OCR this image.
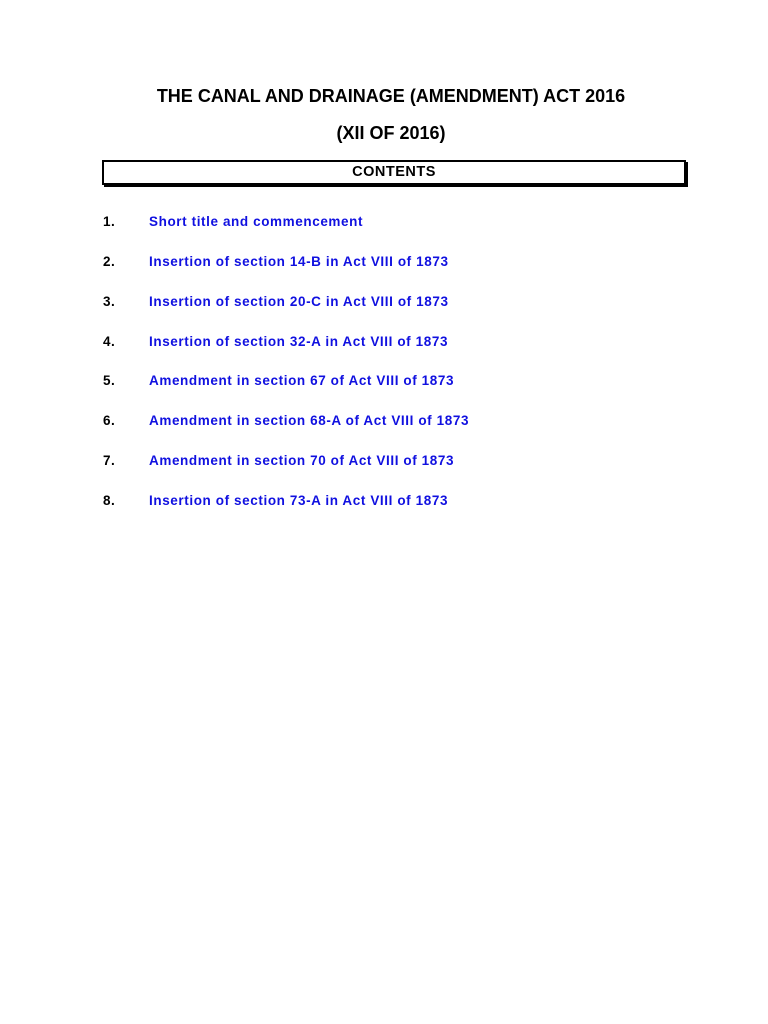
THE CANAL AND DRAINAGE (AMENDMENT) ACT 2016
(XII OF 2016)
CONTENTS
1. Short title and commencement
2. Insertion of section 14-B in Act VIII of 1873
3. Insertion of section 20-C in Act VIII of 1873
4. Insertion of section 32-A in Act VIII of 1873
5. Amendment in section 67 of Act VIII of 1873
6. Amendment in section 68-A of Act VIII of 1873
7. Amendment in section 70 of Act VIII of 1873
8. Insertion of section 73-A in Act VIII of 1873
